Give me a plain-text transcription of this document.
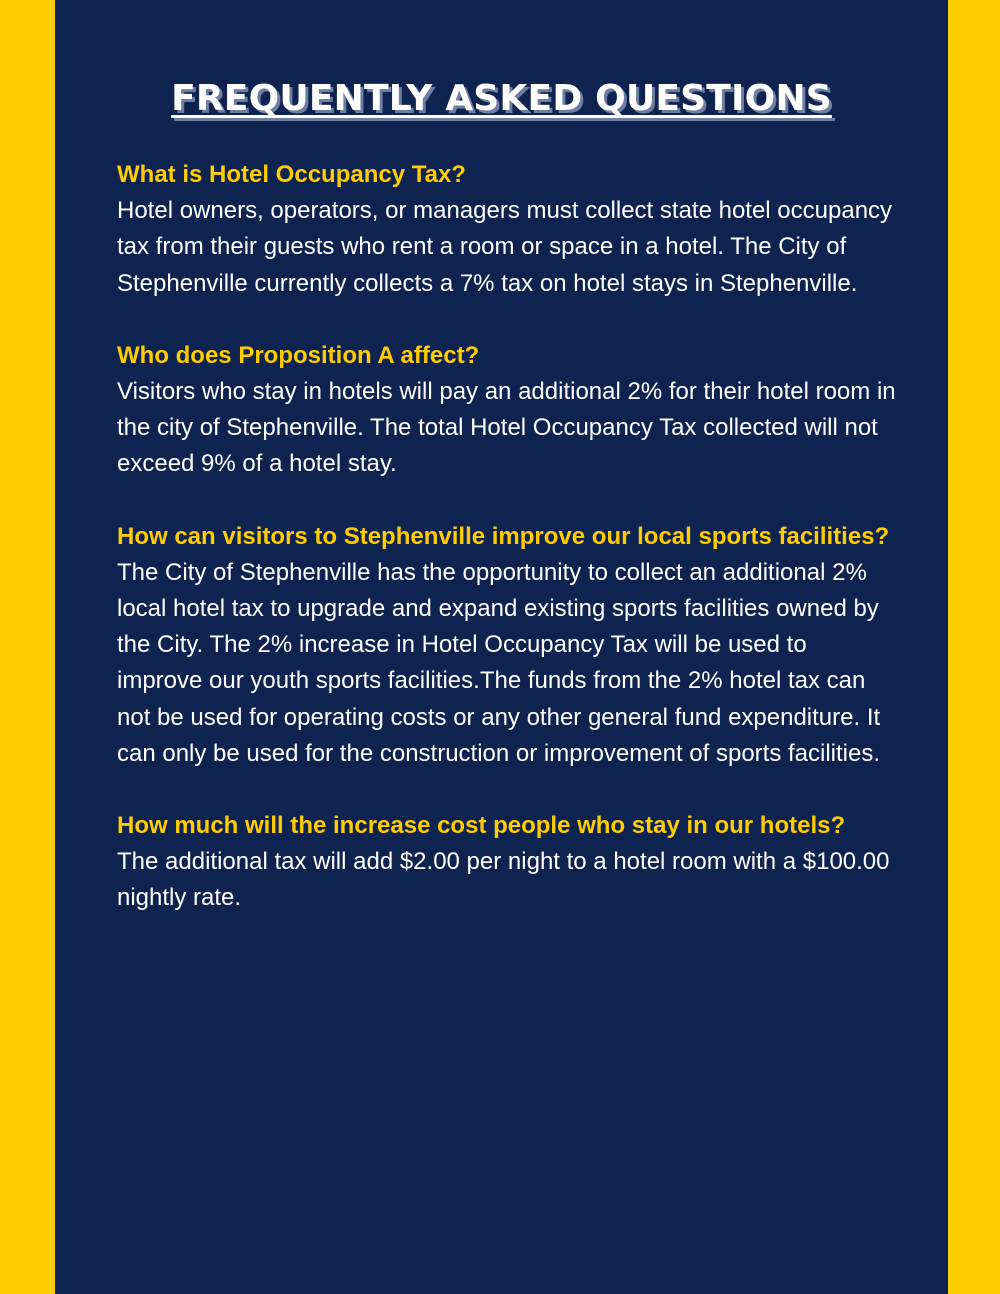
FREQUENTLY ASKED QUESTIONS

What is Hotel Occupancy Tax?

Hotel owners, operators, or managers must collect state hotel occupancy tax from their guests who rent a room or space in a hotel. The City of Stephenville currently collects a 7% tax on hotel stays in Stephenville.

Who does Proposition A affect?

Visitors who stay in hotels will pay an additional 2% for their hotel room in the city of Stephenville. The total Hotel Occupancy Tax collected will not exceed 9% of a hotel stay.

How can visitors to Stephenville improve our local sports facilities?

The City of Stephenville has the opportunity to collect an additional 2% local hotel tax to upgrade and expand existing sports facilities owned by the City. The 2% increase in Hotel Occupancy Tax will be used to improve our youth sports facilities.The funds from the 2% hotel tax can not be used for operating costs or any other general fund expenditure. It can only be used for the construction or improvement of sports facilities.

How much will the increase cost people who stay in our hotels?

The additional tax will add $2.00 per night to a hotel room with a $100.00 nightly rate.
